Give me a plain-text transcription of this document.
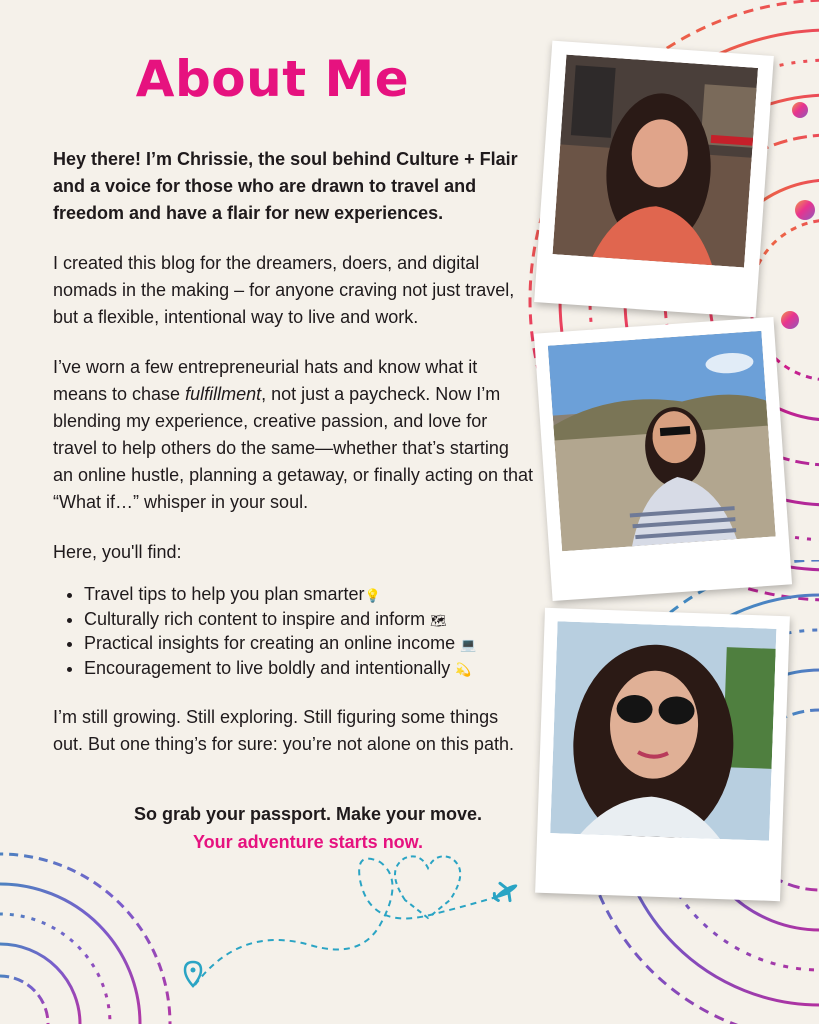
About Me

Hey there! I’m Chrissie, the soul behind Culture + Flair and a voice for those who are drawn to travel and freedom and have a flair for new experiences.

I created this blog for the dreamers, doers, and digital nomads in the making – for anyone craving not just travel, but a flexible, intentional way to live and work.

I’ve worn a few entrepreneurial hats and know what it means to chase fulfillment, not just a paycheck. Now I’m blending my experience, creative passion, and love for travel to help others do the same—whether that’s starting an online hustle, planning a getaway, or finally acting on that “What if…” whisper in your soul.

Here, you'll find:

• Travel tips to help you plan smarter💡
• Culturally rich content to inspire and inform 🗺
• Practical insights for creating an online income 💻
• Encouragement to live boldly and intentionally 💫

I’m still growing. Still exploring. Still figuring some things out. But one thing’s for sure: you’re not alone on this path.

So grab your passport. Make your move.
Your adventure starts now.
